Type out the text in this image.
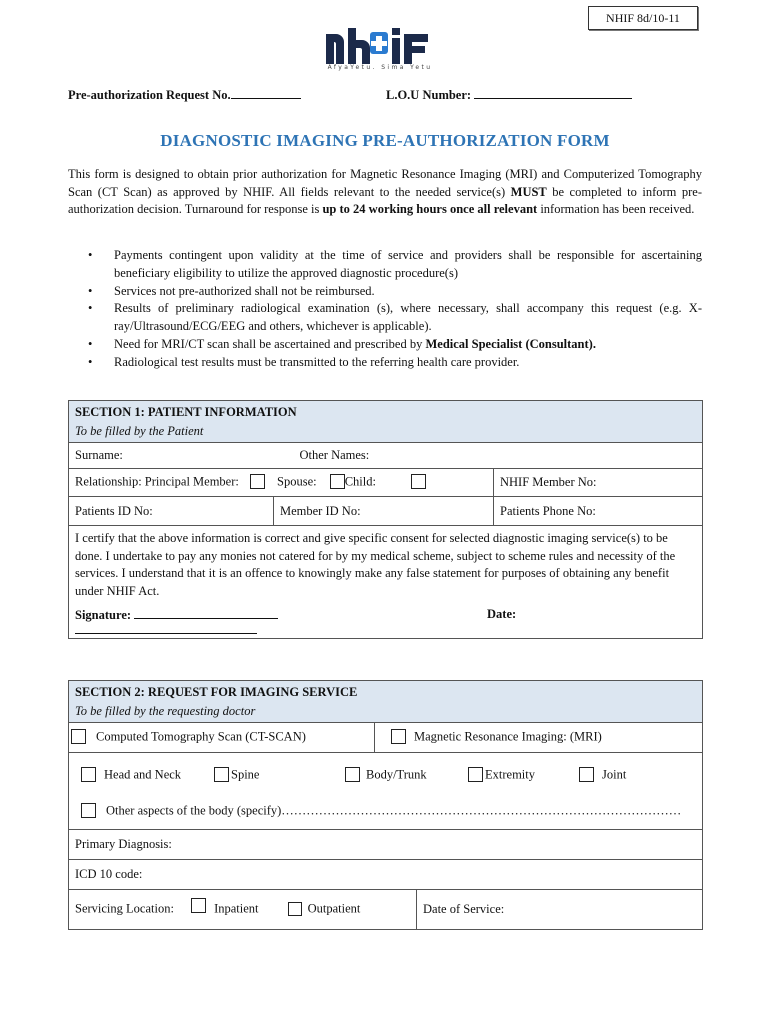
NHIF 8d/10-11
AfyaYetu. Sima Yetu
Pre-authorization Request No.	L.O.U Number:
DIAGNOSTIC IMAGING PRE-AUTHORIZATION FORM
This form is designed to obtain prior authorization for Magnetic Resonance Imaging (MRI) and Computerized Tomography Scan (CT Scan) as approved by NHIF. All fields relevant to the needed service(s) MUST be completed to inform pre-authorization decision. Turnaround for response is up to 24 working hours once all relevant information has been received.
• Payments contingent upon validity at the time of service and providers shall be responsible for ascertaining beneficiary eligibility to utilize the approved diagnostic procedure(s)
• Services not pre-authorized shall not be reimbursed.
• Results of preliminary radiological examination (s), where necessary, shall accompany this request (e.g. X-ray/Ultrasound/ECG/EEG and others, whichever is applicable).
• Need for MRI/CT scan shall be ascertained and prescribed by Medical Specialist (Consultant).
• Radiological test results must be transmitted to the referring health care provider.
SECTION 1: PATIENT INFORMATION
To be filled by the Patient			

Surname:		Other Names:	
Relationship: Principal Member: Spouse: Child:			NHIF Member No:
Patients ID No:	Member ID No:		Patients Phone No:

I certify that the above information is correct and give specific consent for selected diagnostic imaging service(s) to be done. I undertake to pay any monies not catered for by my medical scheme, subject to scheme rules and necessity of the services. I understand that it is an offence to knowingly make any false statement for purposes of obtaining any benefit under NHIF Act.
Signature: Date:			
SECTION 2: REQUEST FOR IMAGING SERVICE
To be filled by the requesting doctor		

Computed Tomography Scan (CT-SCAN)	Magnetic Resonance Imaging: (MRI)	

Head and Neck Spine Body/Trunk Extremity Joint		

Other aspects of the body (specify)……………………………………………………………………………………		

Primary Diagnosis:		
ICD 10 code:		
Servicing Location: Inpatient Outpatient		Date of Service:
